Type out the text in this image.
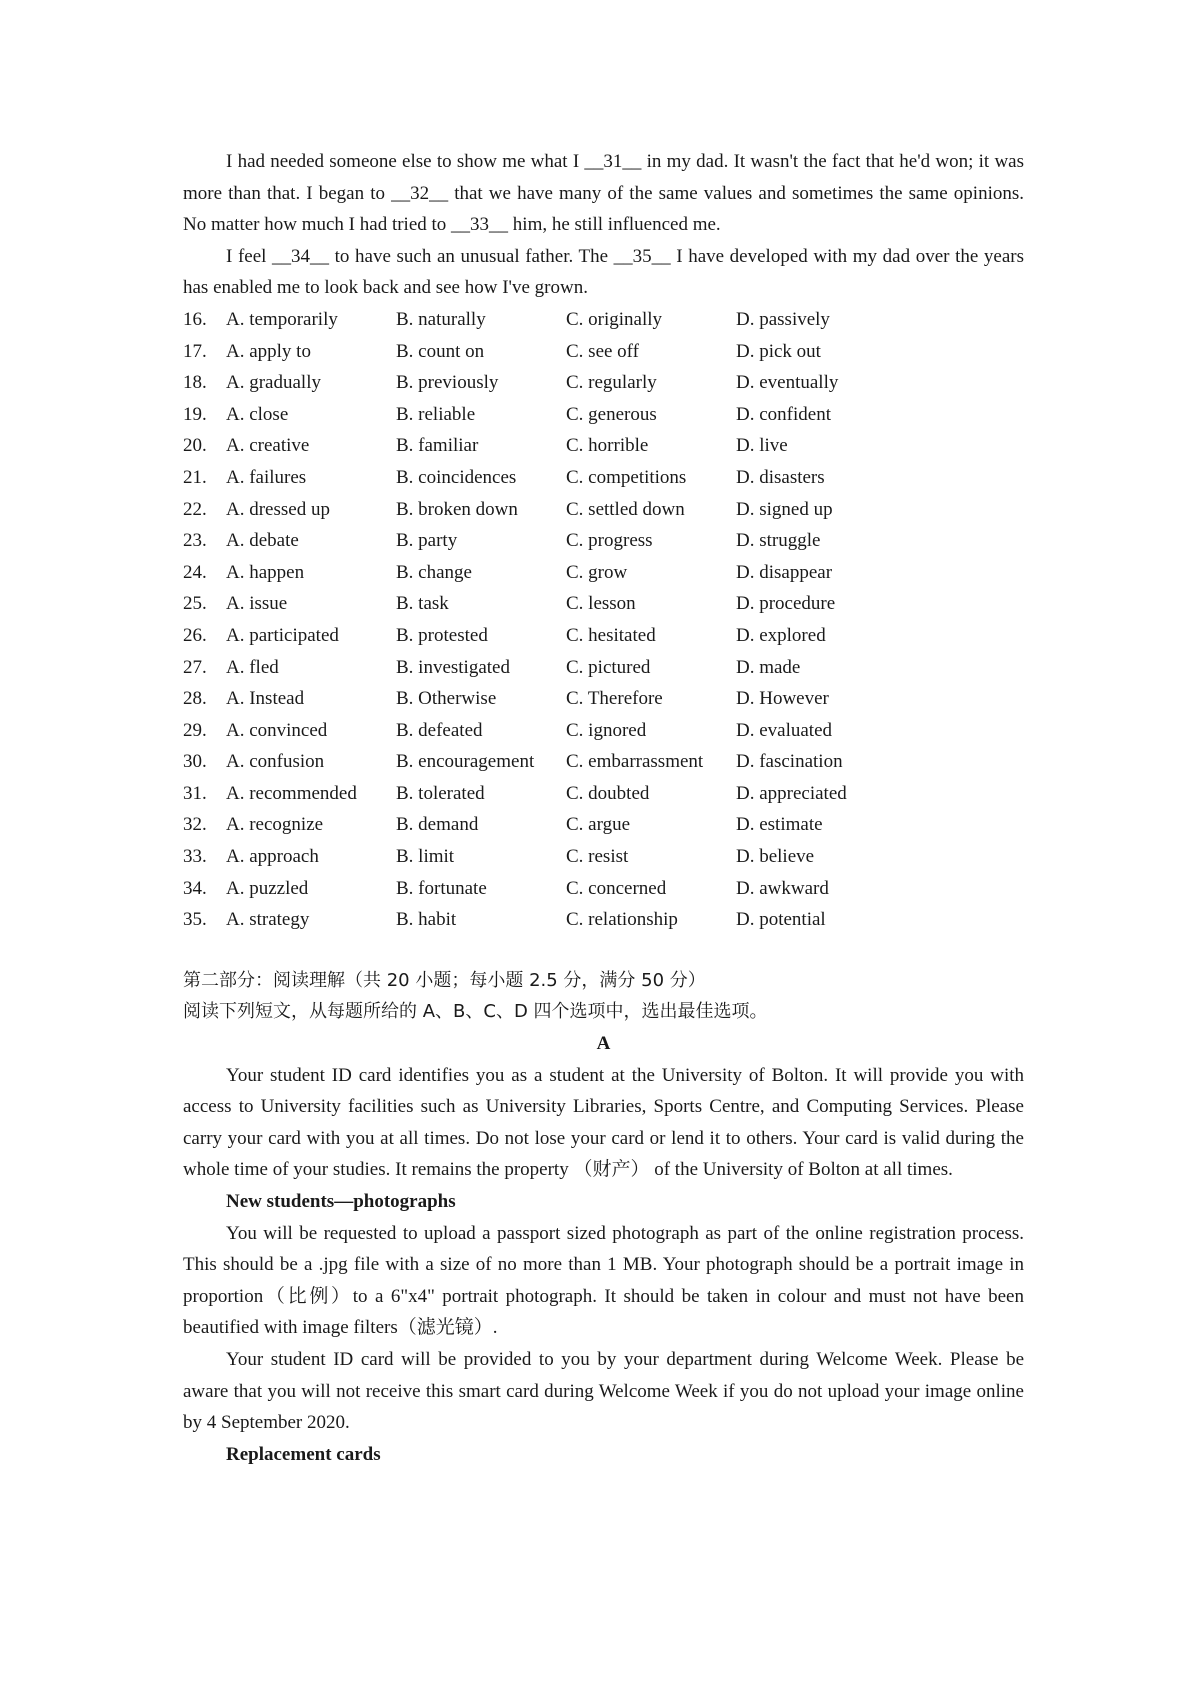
I had needed someone else to show me what I __31__ in my dad. It wasn't the fact that he'd won; it was more than that. I began to __32__ that we have many of the same values and sometimes the same opinions. No matter how much I had tried to __33__ him, he still influenced me.

I feel __34__ to have such an unusual father. The __35__ I have developed with my dad over the years has enabled me to look back and see how I've grown.

16.	A. temporarily	B. naturally	C. originally	D. passively
17.	A. apply to	B. count on	C. see off	D. pick out
18.	A. gradually	B. previously	C. regularly	D. eventually
19.	A. close	B. reliable	C. generous	D. confident
20.	A. creative	B. familiar	C. horrible	D. live
21.	A. failures	B. coincidences	C. competitions	D. disasters
22.	A. dressed up	B. broken down	C. settled down	D. signed up
23.	A. debate	B. party	C. progress	D. struggle
24.	A. happen	B. change	C. grow	D. disappear
25.	A. issue	B. task	C. lesson	D. procedure
26.	A. participated	B. protested	C. hesitated	D. explored
27.	A. fled	B. investigated	C. pictured	D. made
28.	A. Instead	B. Otherwise	C. Therefore	D. However
29.	A. convinced	B. defeated	C. ignored	D. evaluated
30.	A. confusion	B. encouragement	C. embarrassment	D. fascination
31.	A. recommended	B. tolerated	C. doubted	D. appreciated
32.	A. recognize	B. demand	C. argue	D. estimate
33.	A. approach	B. limit	C. resist	D. believe
34.	A. puzzled	B. fortunate	C. concerned	D. awkward
35.	A. strategy	B. habit	C. relationship	D. potential

第二部分：阅读理解（共 20 小题；每小题 2.5 分，满分 50 分）

阅读下列短文，从每题所给的 A、B、C、D 四个选项中，选出最佳选项。

A

Your student ID card identifies you as a student at the University of Bolton. It will provide you with access to University facilities such as University Libraries, Sports Centre, and Computing Services. Please carry your card with you at all times. Do not lose your card or lend it to others. Your card is valid during the whole time of your studies. It remains the property （财产） of the University of Bolton at all times.

New students—photographs

You will be requested to upload a passport sized photograph as part of the online registration process. This should be a .jpg file with a size of no more than 1 MB. Your photograph should be a portrait image in proportion（比例）to a 6"x4" portrait photograph. It should be taken in colour and must not have been beautified with image filters（滤光镜）.

Your student ID card will be provided to you by your department during Welcome Week. Please be aware that you will not receive this smart card during Welcome Week if you do not upload your image online by 4 September 2020.

Replacement cards
